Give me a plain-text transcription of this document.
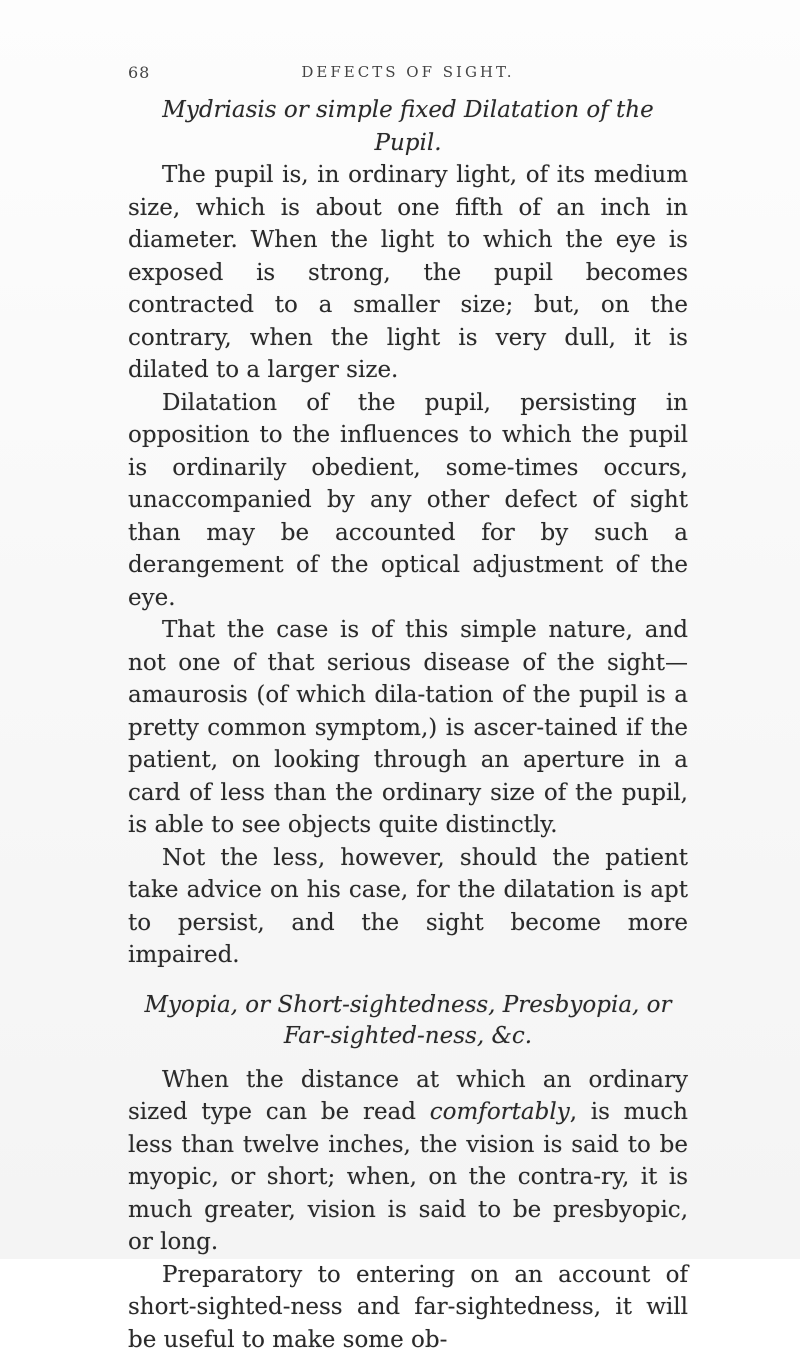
68	DEFECTS OF SIGHT.
Mydriasis or simple fixed Dilatation of the Pupil.

The pupil is, in ordinary light, of its medium size, which is about one fifth of an inch in diameter. When the light to which the eye is exposed is strong, the pupil becomes contracted to a smaller size; but, on the contrary, when the light is very dull, it is dilated to a larger size.

Dilatation of the pupil, persisting in opposition to the influences to which the pupil is ordinarily obedient, some-times occurs, unaccompanied by any other defect of sight than may be accounted for by such a derangement of the optical adjustment of the eye.

That the case is of this simple nature, and not one of that serious disease of the sight—amaurosis (of which dila-tation of the pupil is a pretty common symptom,) is ascer-tained if the patient, on looking through an aperture in a card of less than the ordinary size of the pupil, is able to see objects quite distinctly.

Not the less, however, should the patient take advice on his case, for the dilatation is apt to persist, and the sight become more impaired.

Myopia, or Short-sightedness, Presbyopia, or Far-sighted-ness, &c.

When the distance at which an ordinary sized type can be read comfortably, is much less than twelve inches, the vision is said to be myopic, or short; when, on the contra-ry, it is much greater, vision is said to be presbyopic, or long.

Preparatory to entering on an account of short-sighted-ness and far-sightedness, it will be useful to make some ob-
